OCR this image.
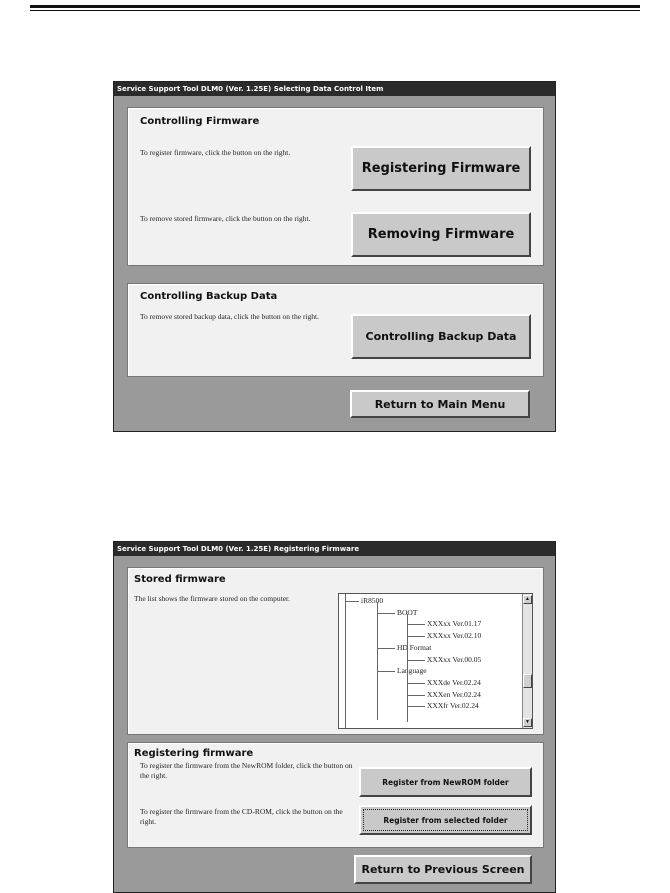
Service Support Tool DLM0 (Ver. 1.25E) Selecting Data Control Item
Controlling Firmware
To register firmware, click the button on the right.
Registering Firmware
To remove stored firmware, click the button on the right.
Removing Firmware
Controlling Backup Data
To remove stored backup data, click the button on the right.
Controlling Backup Data
Return to Main Menu
Service Support Tool DLM0 (Ver. 1.25E) Registering Firmware
Stored firmware
The list shows the firmware stored on the computer.	iR8500
BOOT
XXXxx Ver.01.17
XXXxx Ver.02.10
HD Format
XXXxx Ver.00.05
Language
XXXde Ver.02.24
XXXen Ver.02.24
XXXfr Ver.02.24
▲
▼
Registering firmware
To register the firmware from the NewROM folder, click the button on the right.
Register from NewROM folder
To register the firmware from the CD-ROM, click the button on the right.	Register from selected folder
Return to Previous Screen
